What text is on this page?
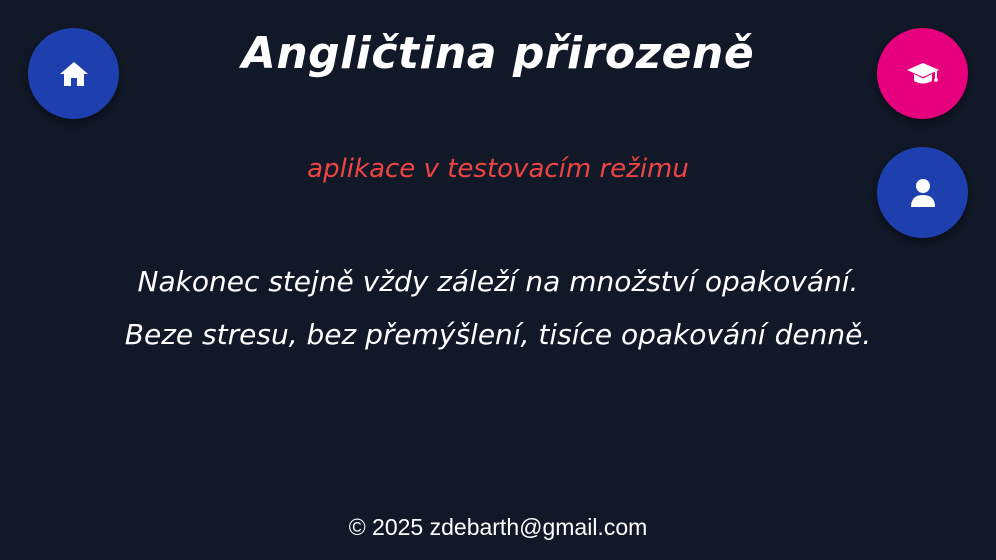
Angličtina přirozeně
aplikace v testovacím režimu
Nakonec stejně vždy záleží na množství opakování. Beze stresu, bez přemýšlení, tisíce opakování denně.
© 2025 zdebarth@gmail.com
